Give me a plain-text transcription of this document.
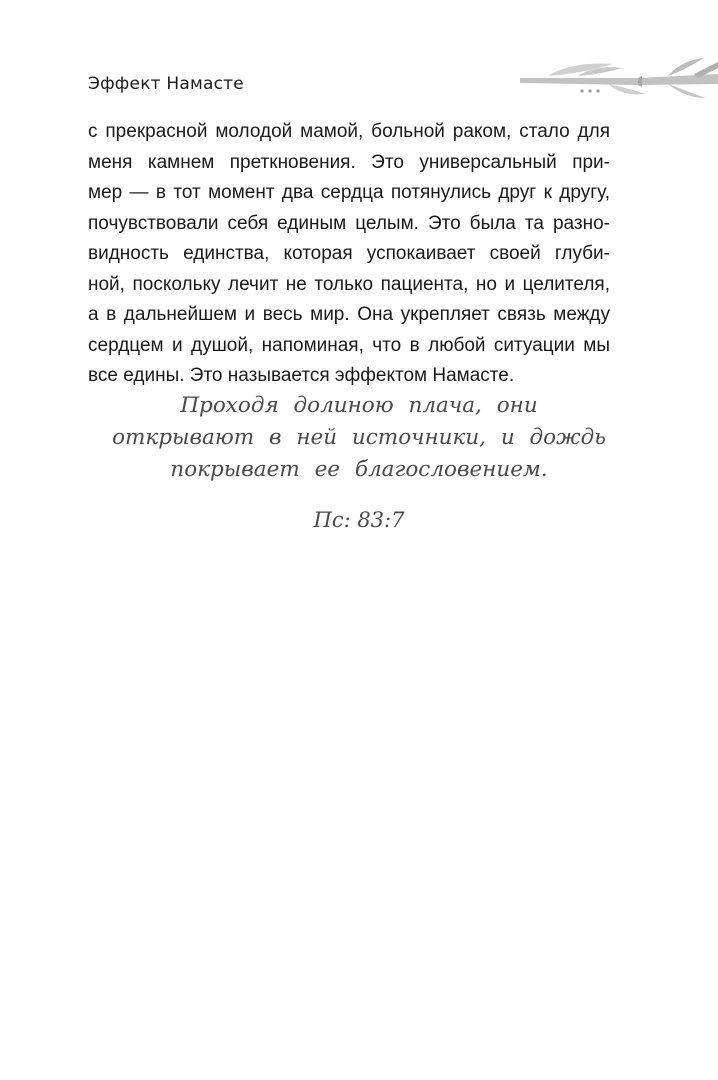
Эффект Намасте
с прекрасной молодой мамой, больной раком, стало для
меня камнем преткновения. Это универсальный при-
мер — в тот момент два сердца потянулись друг к другу,
почувствовали себя единым целым. Это была та разно-
видность единства, которая успокаивает своей глуби-
ной, поскольку лечит не только пациента, но и целителя,
а в дальнейшем и весь мир. Она укрепляет связь между
сердцем и душой, напоминая, что в любой ситуации мы
все едины. Это называется эффектом Намасте.
Проходя долиною плача, они
открывают в ней источники, и дождь
покрывает ее благословением.
Пс: 83:7
